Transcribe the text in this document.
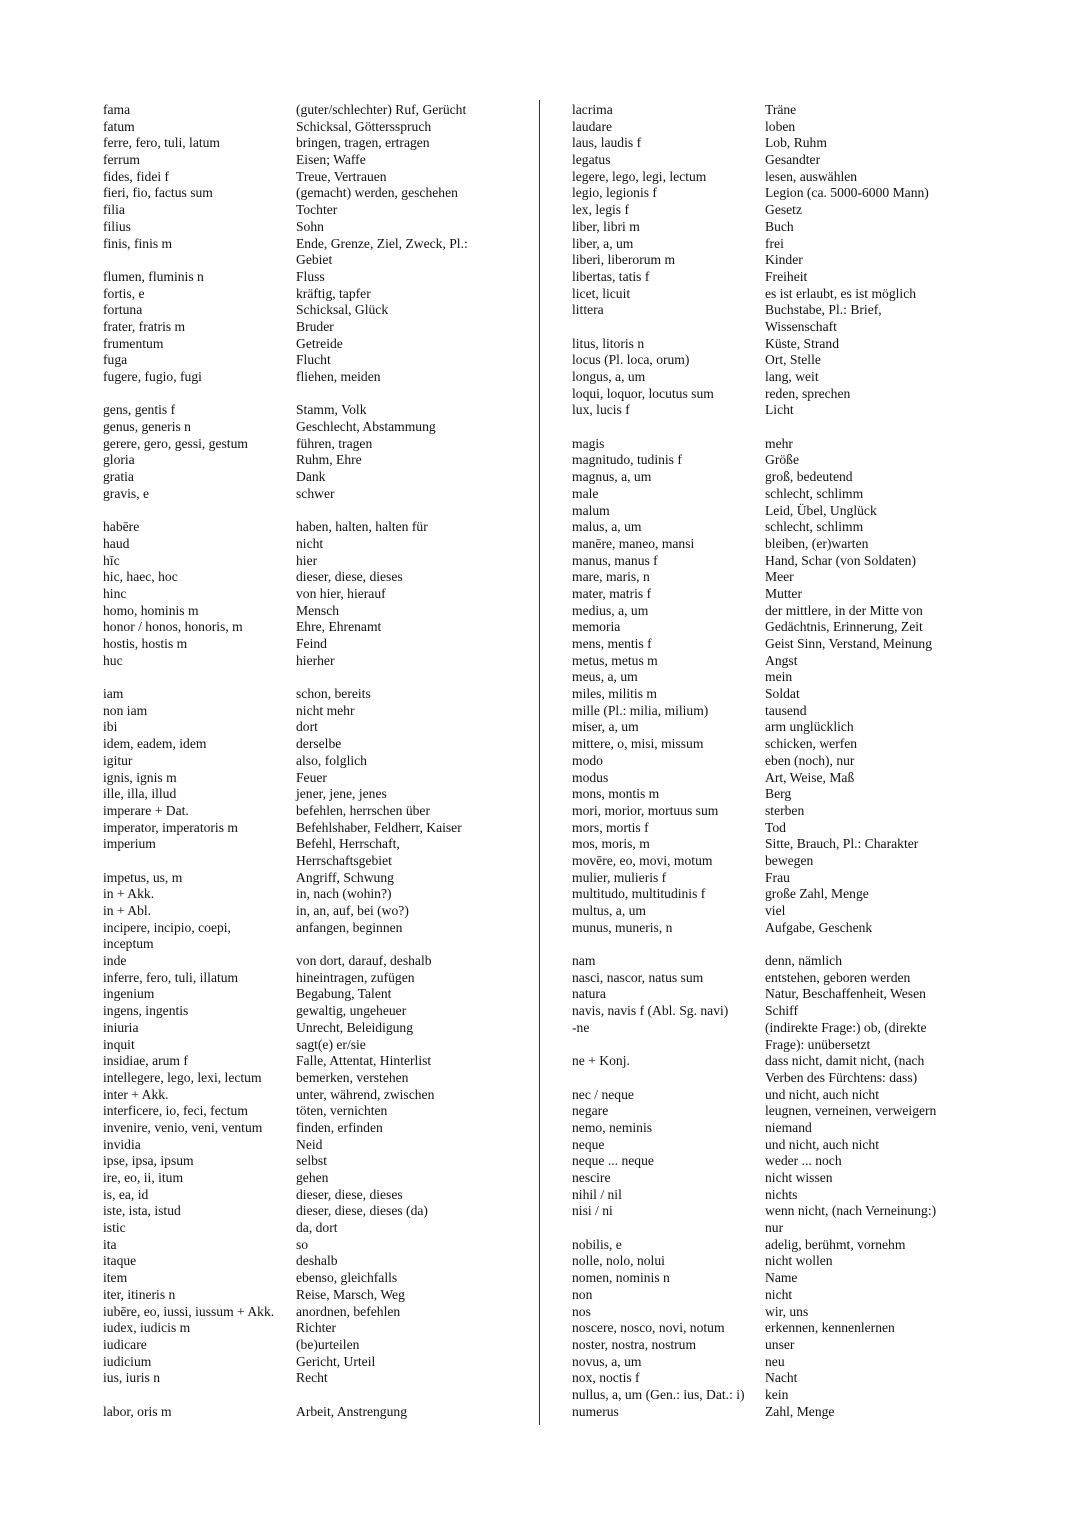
fama	(guter/schlechter) Ruf, Gerücht
fatum	Schicksal, Göttersspruch
ferre, fero, tuli, latum	bringen, tragen, ertragen
ferrum	Eisen; Waffe
fides, fidei f	Treue, Vertrauen
fieri, fio, factus sum	(gemacht) werden, geschehen
filia	Tochter
filius	Sohn
finis, finis m	Ende, Grenze, Ziel, Zweck, Pl.:
Gebiet
flumen, fluminis n	Fluss
fortis, e	kräftig, tapfer
fortuna	Schicksal, Glück
frater, fratris m	Bruder
frumentum	Getreide
fuga	Flucht
fugere, fugio, fugi	fliehen, meiden
gens, gentis f	Stamm, Volk
genus, generis n	Geschlecht, Abstammung
gerere, gero, gessi, gestum	führen, tragen
gloria	Ruhm, Ehre
gratia	Dank
gravis, e	schwer
habēre	haben, halten, halten für
haud	nicht
hīc	hier
hic, haec, hoc	dieser, diese, dieses
hinc	von hier, hierauf
homo, hominis m	Mensch
honor / honos, honoris, m	Ehre, Ehrenamt
hostis, hostis m	Feind
huc	hierher
iam	schon, bereits
non iam	nicht mehr
ibi	dort
idem, eadem, idem	derselbe
igitur	also, folglich
ignis, ignis m	Feuer
ille, illa, illud	jener, jene, jenes
imperare + Dat.	befehlen, herrschen über
imperator, imperatoris m	Befehlshaber, Feldherr, Kaiser
imperium	Befehl, Herrschaft,
Herrschaftsgebiet
impetus, us, m	Angriff, Schwung
in + Akk.	in, nach (wohin?)
in + Abl.	in, an, auf, bei (wo?)
incipere, incipio, coepi,	anfangen, beginnen
inceptum
inde	von dort, darauf, deshalb
inferre, fero, tuli, illatum	hineintragen, zufügen
ingenium	Begabung, Talent
ingens, ingentis	gewaltig, ungeheuer
iniuria	Unrecht, Beleidigung
inquit	sagt(e) er/sie
insidiae, arum f	Falle, Attentat, Hinterlist
intellegere, lego, lexi, lectum	bemerken, verstehen
inter + Akk.	unter, während, zwischen
interficere, io, feci, fectum	töten, vernichten
invenire, venio, veni, ventum	finden, erfinden
invidia	Neid
ipse, ipsa, ipsum	selbst
ire, eo, ii, itum	gehen
is, ea, id	dieser, diese, dieses
iste, ista, istud	dieser, diese, dieses (da)
istic	da, dort
ita	so
itaque	deshalb
item	ebenso, gleichfalls
iter, itineris n	Reise, Marsch, Weg
iubēre, eo, iussi, iussum + Akk.	anordnen, befehlen
iudex, iudicis m	Richter
iudicare	(be)urteilen
iudicium	Gericht, Urteil
ius, iuris n	Recht
labor, oris m	Arbeit, Anstrengung
lacrima	Träne
laudare	loben
laus, laudis f	Lob, Ruhm
legatus	Gesandter
legere, lego, legi, lectum	lesen, auswählen
legio, legionis f	Legion (ca. 5000-6000 Mann)
lex, legis f	Gesetz
liber, libri m	Buch
liber, a, um	frei
liberi, liberorum m	Kinder
libertas, tatis f	Freiheit
licet, licuit	es ist erlaubt, es ist möglich
littera	Buchstabe, Pl.: Brief,
Wissenschaft
litus, litoris n	Küste, Strand
locus (Pl. loca, orum)	Ort, Stelle
longus, a, um	lang, weit
loqui, loquor, locutus sum	reden, sprechen
lux, lucis f	Licht
magis	mehr
magnitudo, tudinis f	Größe
magnus, a, um	groß, bedeutend
male	schlecht, schlimm
malum	Leid, Übel, Unglück
malus, a, um	schlecht, schlimm
manēre, maneo, mansi	bleiben, (er)warten
manus, manus f	Hand, Schar (von Soldaten)
mare, maris, n	Meer
mater, matris f	Mutter
medius, a, um	der mittlere, in der Mitte von
memoria	Gedächtnis, Erinnerung, Zeit
mens, mentis f	Geist Sinn, Verstand, Meinung
metus, metus m	Angst
meus, a, um	mein
miles, militis m	Soldat
mille (Pl.: milia, milium)	tausend
miser, a, um	arm unglücklich
mittere, o, misi, missum	schicken, werfen
modo	eben (noch), nur
modus	Art, Weise, Maß
mons, montis m	Berg
mori, morior, mortuus sum	sterben
mors, mortis f	Tod
mos, moris, m	Sitte, Brauch, Pl.: Charakter
movēre, eo, movi, motum	bewegen
mulier, mulieris f	Frau
multitudo, multitudinis f	große Zahl, Menge
multus, a, um	viel
munus, muneris, n	Aufgabe, Geschenk
nam	denn, nämlich
nasci, nascor, natus sum	entstehen, geboren werden
natura	Natur, Beschaffenheit, Wesen
navis, navis f (Abl. Sg. navi)	Schiff
-ne	(indirekte Frage:) ob, (direkte
Frage): unübersetzt
ne + Konj.	dass nicht, damit nicht, (nach
Verben des Fürchtens: dass)
nec / neque	und nicht, auch nicht
negare	leugnen, verneinen, verweigern
nemo, neminis	niemand
neque	und nicht, auch nicht
neque ... neque	weder ... noch
nescire	nicht wissen
nihil / nil	nichts
nisi / ni	wenn nicht, (nach Verneinung:)
nur
nobilis, e	adelig, berühmt, vornehm
nolle, nolo, nolui	nicht wollen
nomen, nominis n	Name
non	nicht
nos	wir, uns
noscere, nosco, novi, notum	erkennen, kennenlernen
noster, nostra, nostrum	unser
novus, a, um	neu
nox, noctis f	Nacht
nullus, a, um (Gen.: ius, Dat.: i)	kein
numerus	Zahl, Menge
